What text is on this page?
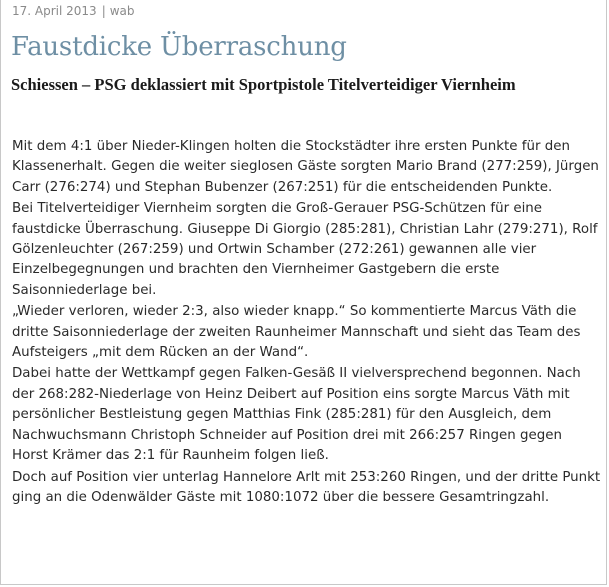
17. April 2013 | wab
Faustdicke Überraschung
Schiessen – PSG deklassiert mit Sportpistole Titelverteidiger Viernheim

Mit dem 4:1 über Nieder-Klingen holten die Stockstädter ihre ersten Punkte für den Klassenerhalt. Gegen die weiter sieglosen Gäste sorgten Mario Brand (277:259), Jürgen Carr (276:274) und Stephan Bubenzer (267:251) für die entscheidenden Punkte.

Bei Titelverteidiger Viernheim sorgten die Groß-Gerauer PSG-Schützen für eine faustdicke Überraschung. Giuseppe Di Giorgio (285:281), Christian Lahr (279:271), Rolf Gölzenleuchter (267:259) und Ortwin Schamber (272:261) gewannen alle vier Einzelbegegnungen und brachten den Viernheimer Gastgebern die erste Saisonniederlage bei.

„Wieder verloren, wieder 2:3, also wieder knapp.“ So kommentierte Marcus Väth die dritte Saisonniederlage der zweiten Raunheimer Mannschaft und sieht das Team des Aufsteigers „mit dem Rücken an der Wand“.

Dabei hatte der Wettkampf gegen Falken-Gesäß II vielversprechend begonnen. Nach der 268:282-Niederlage von Heinz Deibert auf Position eins sorgte Marcus Väth mit persönlicher Bestleistung gegen Matthias Fink (285:281) für den Ausgleich, dem Nachwuchsmann Christoph Schneider auf Position drei mit 266:257 Ringen gegen Horst Krämer das 2:1 für Raunheim folgen ließ.

Doch auf Position vier unterlag Hannelore Arlt mit 253:260 Ringen, und der dritte Punkt ging an die Odenwälder Gäste mit 1080:1072 über die bessere Gesamtringzahl.
